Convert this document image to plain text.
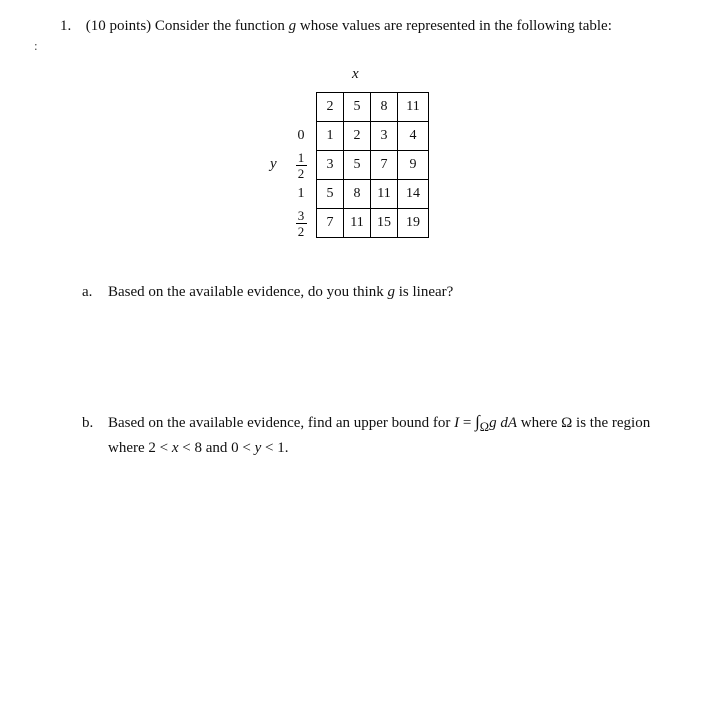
:
1. (10 points) Consider the function g whose values are represented in the following table:
x
y
	2	5	8	11
0	1	2	3	4

$\frac{1}{2}$	3	5	7	9
1	5	8	11	14

$\frac{3}{2}$	7	11	15	19
a. Based on the available evidence, do you think g is linear?
b. Based on the available evidence, find an upper bound for $I = \int_\Omega g$ dA where Ω is the region
where 2 < x < 8 and 0 < y < 1.
